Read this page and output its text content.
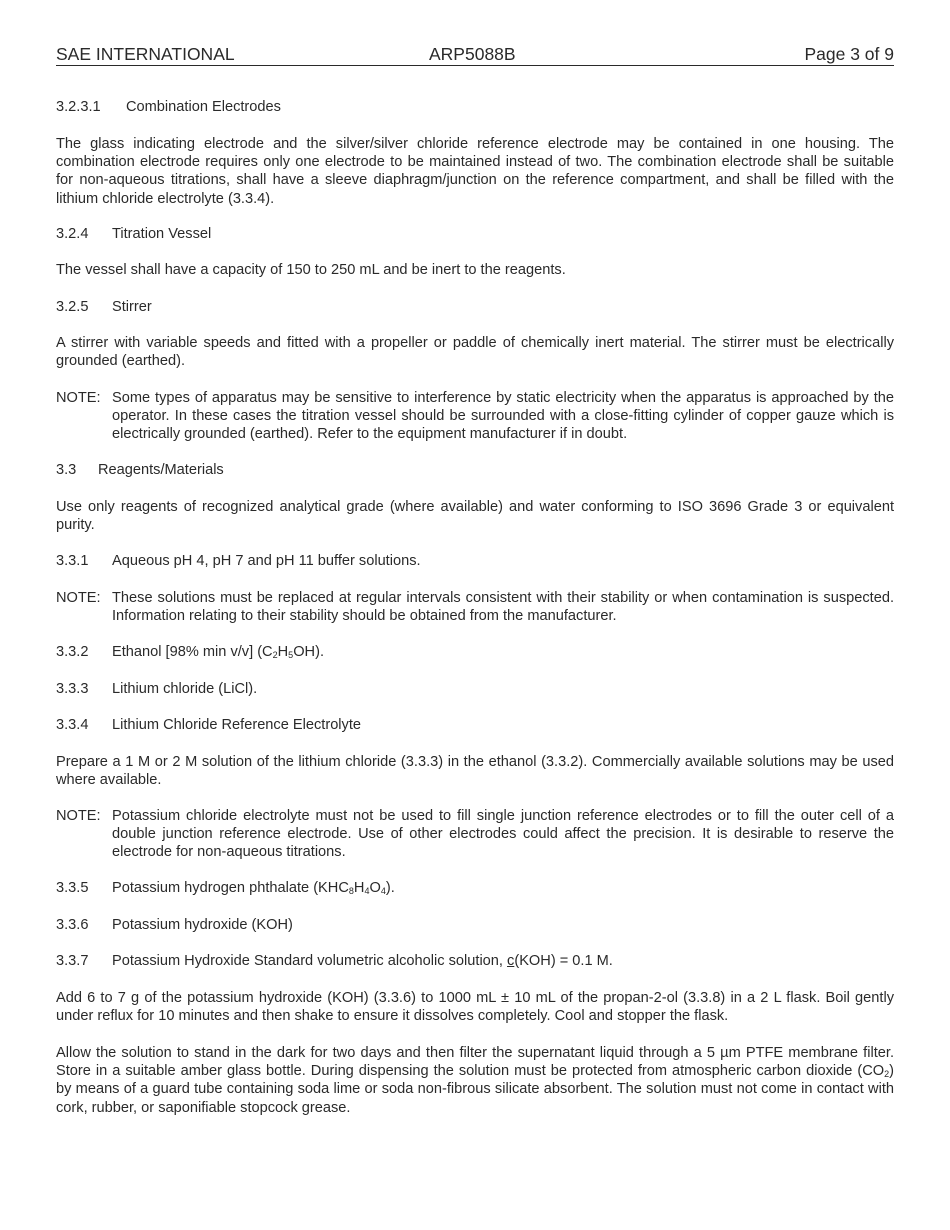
SAE INTERNATIONAL	ARP5088B	Page 3 of 9
3.2.3.1 Combination Electrodes
The glass indicating electrode and the silver/silver chloride reference electrode may be contained in one housing. The combination electrode requires only one electrode to be maintained instead of two. The combination electrode shall be suitable for non-aqueous titrations, shall have a sleeve diaphragm/junction on the reference compartment, and shall be filled with the lithium chloride electrolyte (3.3.4).
3.2.4 Titration Vessel
The vessel shall have a capacity of 150 to 250 mL and be inert to the reagents.
3.2.5 Stirrer
A stirrer with variable speeds and fitted with a propeller or paddle of chemically inert material. The stirrer must be electrically grounded (earthed).
NOTE: Some types of apparatus may be sensitive to interference by static electricity when the apparatus is approached by the operator. In these cases the titration vessel should be surrounded with a close-fitting cylinder of copper gauze which is electrically grounded (earthed). Refer to the equipment manufacturer if in doubt.
3.3 Reagents/Materials
Use only reagents of recognized analytical grade (where available) and water conforming to ISO 3696 Grade 3 or equivalent purity.
3.3.1 Aqueous pH 4, pH 7 and pH 11 buffer solutions.
NOTE: These solutions must be replaced at regular intervals consistent with their stability or when contamination is suspected. Information relating to their stability should be obtained from the manufacturer.
3.3.2 Ethanol [98% min v/v] $(C_2H_5OH)$.
3.3.3 Lithium chloride (LiCl).
3.3.4 Lithium Chloride Reference Electrolyte
Prepare a 1 M or 2 M solution of the lithium chloride (3.3.3) in the ethanol (3.3.2). Commercially available solutions may be used where available.
NOTE: Potassium chloride electrolyte must not be used to fill single junction reference electrodes or to fill the outer cell of a double junction reference electrode. Use of other electrodes could affect the precision. It is desirable to reserve the electrode for non-aqueous titrations.
3.3.5 Potassium hydrogen phthalate $(KHC_8H_4O_4)$.
3.3.6 Potassium hydroxide (KOH)
3.3.7 Potassium Hydroxide Standard volumetric alcoholic solution, c(KOH) = 0.1 M.
Add 6 to 7 g of the potassium hydroxide (KOH) (3.3.6) to 1000 mL ± 10 mL of the propan-2-ol (3.3.8) in a 2 L flask. Boil gently under reflux for 10 minutes and then shake to ensure it dissolves completely. Cool and stopper the flask.
Allow the solution to stand in the dark for two days and then filter the supernatant liquid through a 5 µm PTFE membrane filter. Store in a suitable amber glass bottle. During dispensing the solution must be protected from atmospheric carbon dioxide $(CO_2)$ by means of a guard tube containing soda lime or soda non-fibrous silicate absorbent. The solution must not come in contact with cork, rubber, or saponifiable stopcock grease.
